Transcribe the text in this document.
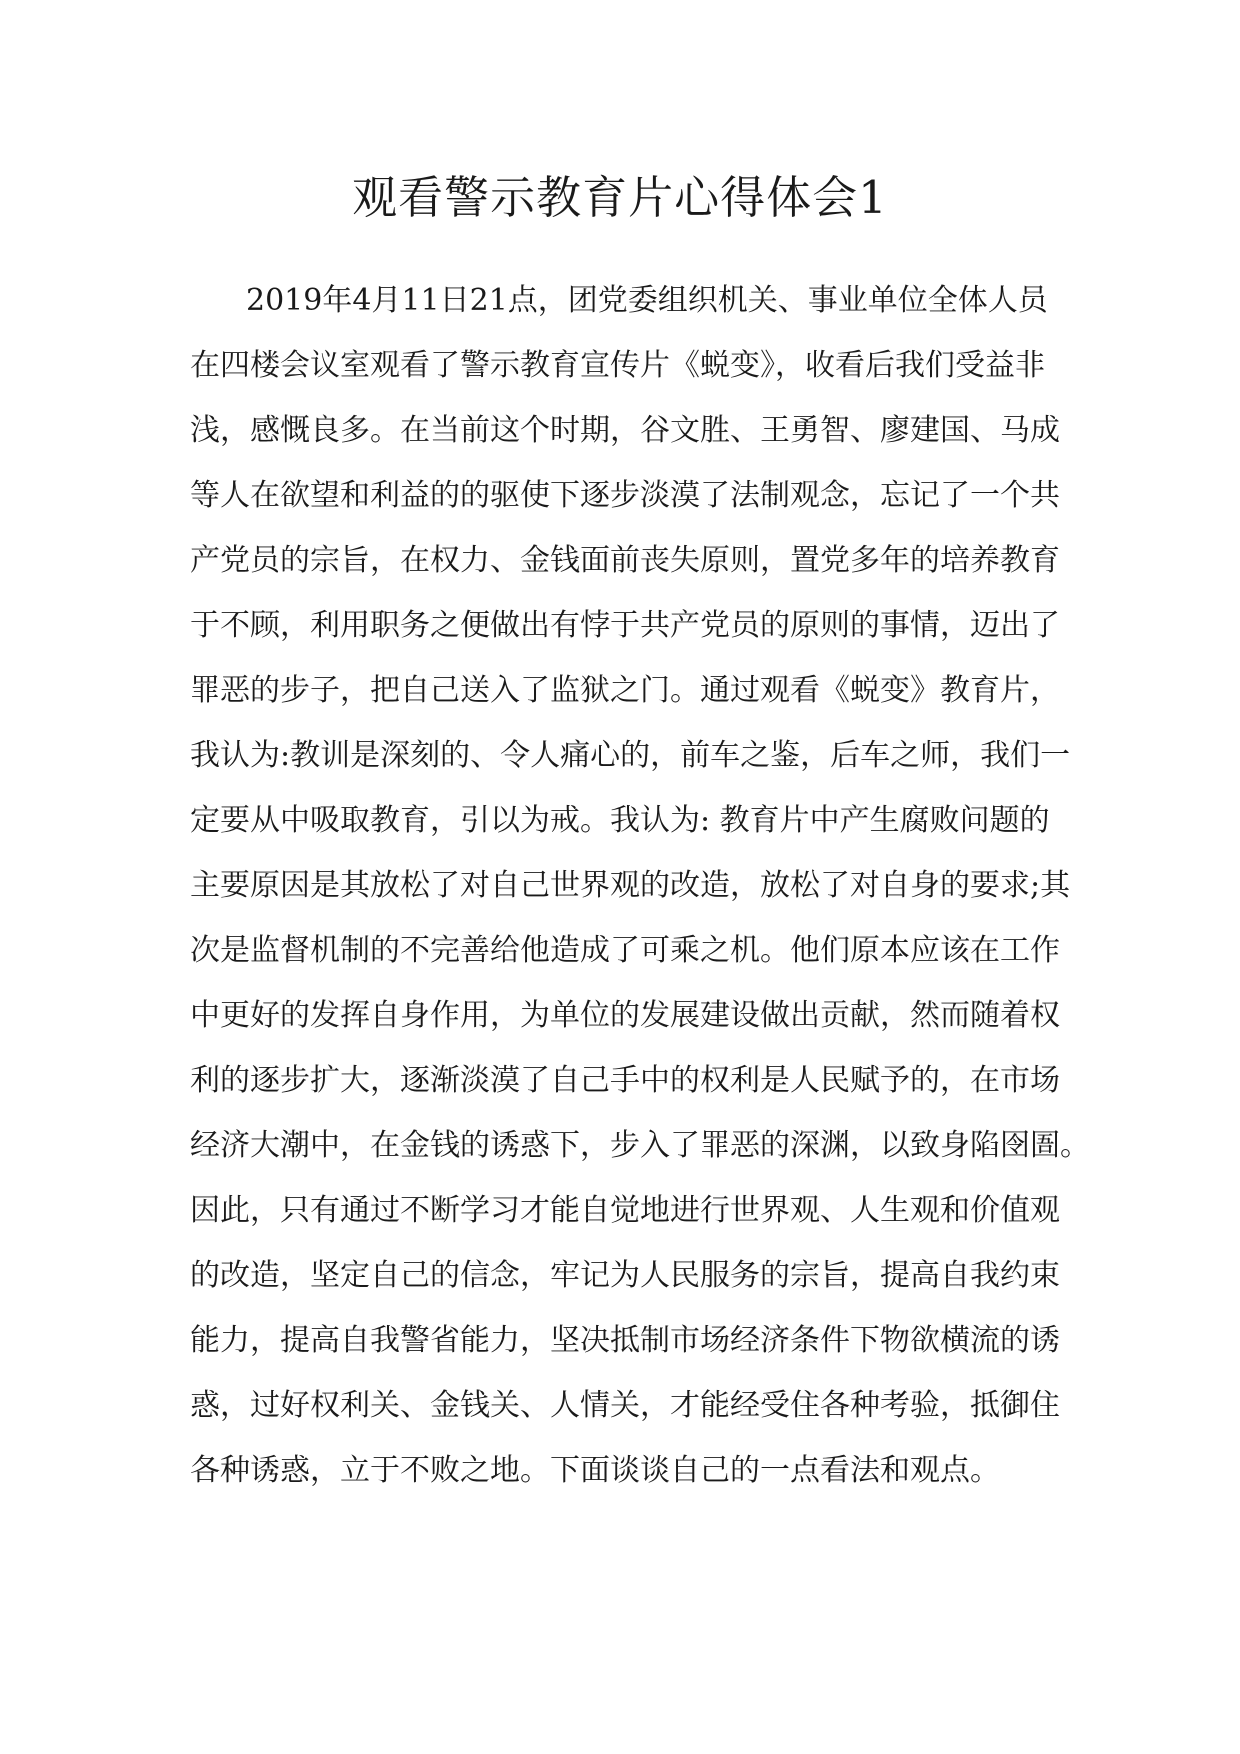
观看警示教育片心得体会1
2019年4月11日21点，团党委组织机关、事业单位全体人员
在四楼会议室观看了警示教育宣传片《蜕变》，收看后我们受益非
浅，感慨良多。在当前这个时期，谷文胜、王勇智、廖建国、马成
等人在欲望和利益的的驱使下逐步淡漠了法制观念，忘记了一个共
产党员的宗旨，在权力、金钱面前丧失原则，置党多年的培养教育
于不顾，利用职务之便做出有悖于共产党员的原则的事情，迈出了
罪恶的步子，把自己送入了监狱之门。通过观看《蜕变》教育片，
我认为:教训是深刻的、令人痛心的，前车之鉴，后车之师，我们一
定要从中吸取教育，引以为戒。我认为: 教育片中产生腐败问题的
主要原因是其放松了对自己世界观的改造，放松了对自身的要求;其
次是监督机制的不完善给他造成了可乘之机。他们原本应该在工作
中更好的发挥自身作用，为单位的发展建设做出贡献，然而随着权
利的逐步扩大，逐渐淡漠了自己手中的权利是人民赋予的，在市场
经济大潮中，在金钱的诱惑下，步入了罪恶的深渊，以致身陷囹圄。
因此，只有通过不断学习才能自觉地进行世界观、人生观和价值观
的改造，坚定自己的信念，牢记为人民服务的宗旨，提高自我约束
能力，提高自我警省能力，坚决抵制市场经济条件下物欲横流的诱
惑，过好权利关、金钱关、人情关，才能经受住各种考验，抵御住
各种诱惑，立于不败之地。下面谈谈自己的一点看法和观点。
